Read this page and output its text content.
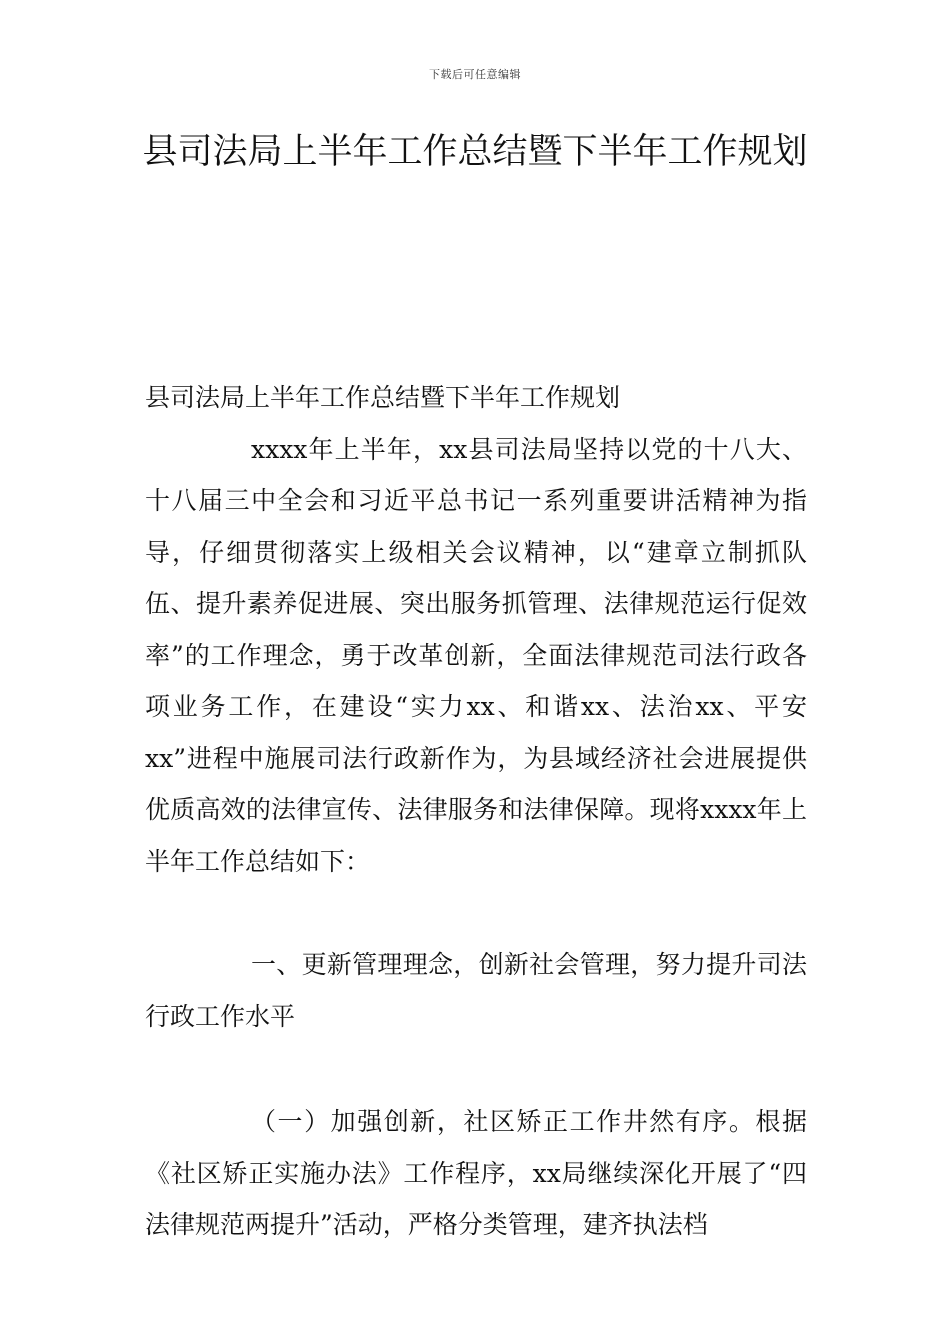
下载后可任意编辑
县司法局上半年工作总结暨下半年工作规划

县司法局上半年工作总结暨下半年工作规划

xxxx年上半年，xx县司法局坚持以党的十八大、十八届三中全会和习近平总书记一系列重要讲活精神为指导，仔细贯彻落实上级相关会议精神，以“建章立制抓队伍、提升素养促进展、突出服务抓管理、法律规范运行促效率”的工作理念，勇于改革创新，全面法律规范司法行政各项业务工作，在建设“实力xx、和谐xx、法治xx、平安xx”进程中施展司法行政新作为，为县域经济社会进展提供优质高效的法律宣传、法律服务和法律保障。现将xxxx年上半年工作总结如下：

一、更新管理理念，创新社会管理，努力提升司法行政工作水平

（一）加强创新，社区矫正工作井然有序。根据《社区矫正实施办法》工作程序，xx局继续深化开展了“四法律规范两提升”活动，严格分类管理，建齐执法档
